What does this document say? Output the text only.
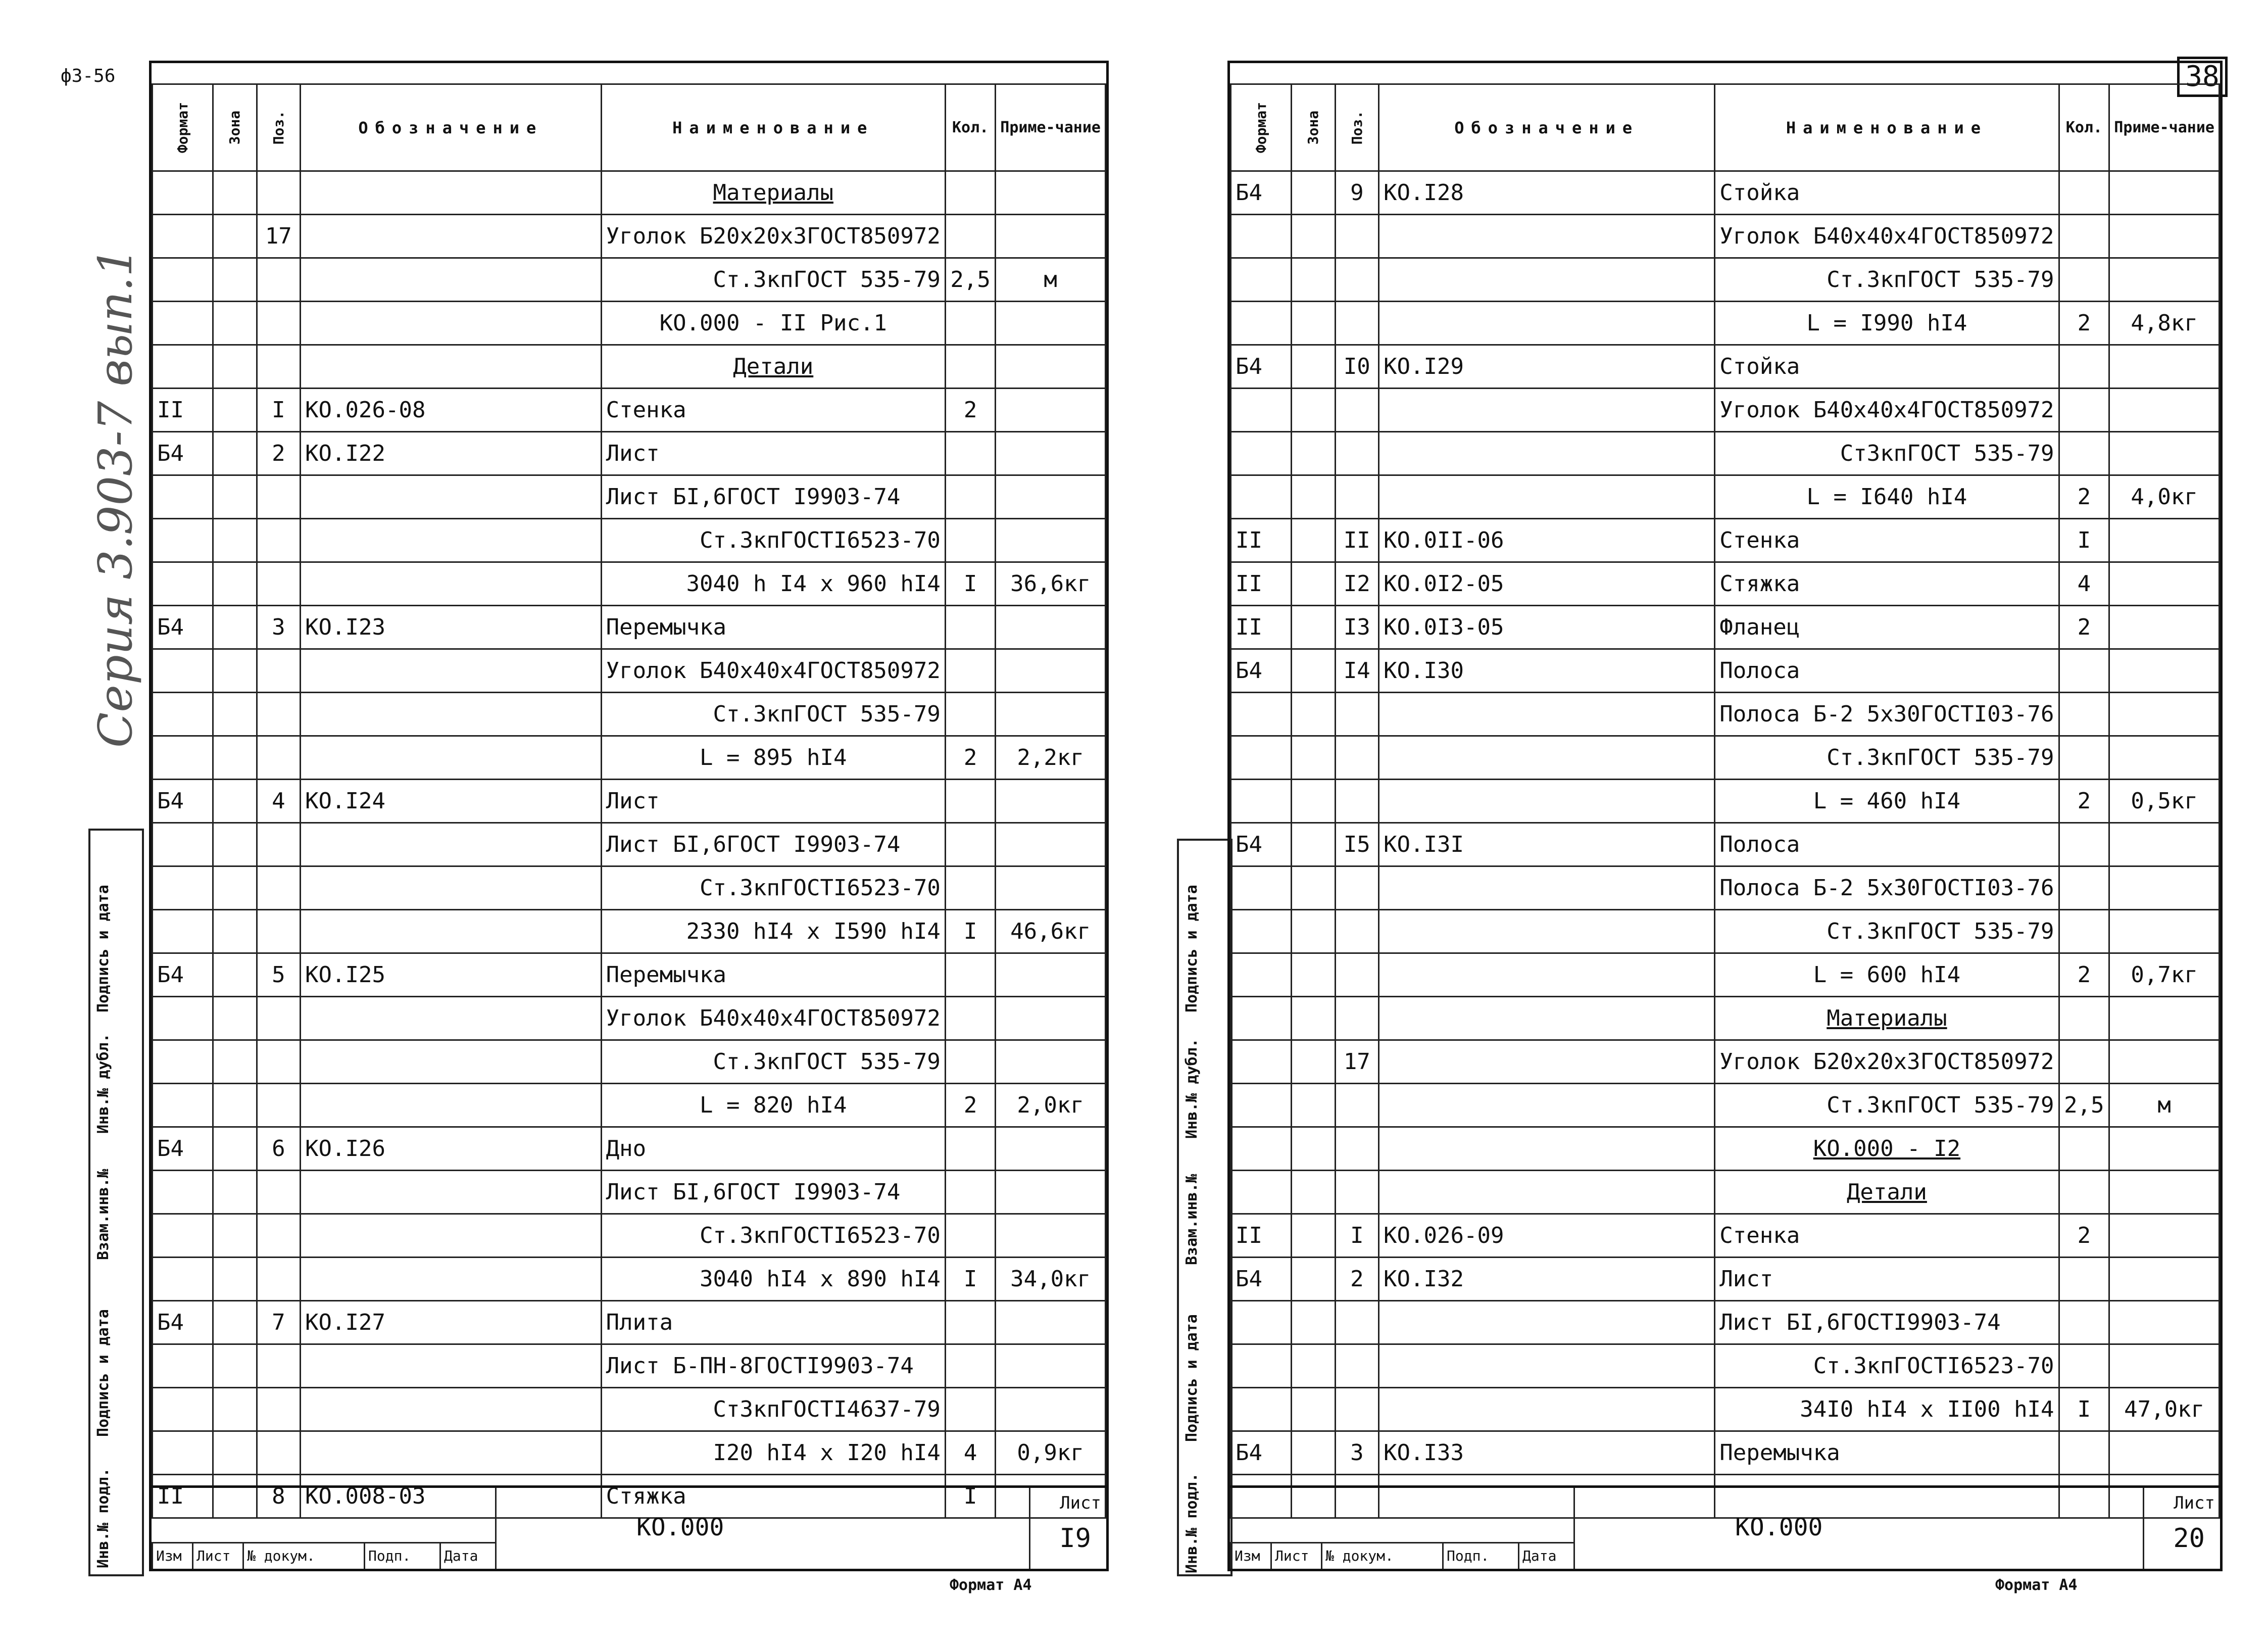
ф3-56	38
Серия 3.903-7 вып.1
Подпись и дата
Инв.№ дубл.
Взам.инв.№
Подпись и дата
Инв.№ подл.
Подпись и дата
Инв.№ дубл.
Взам.инв.№
Подпись и дата
Инв.№ подл.
Формат	Зона	Поз.	Обозначение	Наименование	Кол.	Приме-чание
				Материалы		
		17		Уголок Б20х20х3ГОСТ850972		
				Ст.3кпГОСТ 535-79	2,5	м
				КО.000 - II Рис.1		
				Детали		
II		I	КО.026-08	Стенка	2	
Б4		2	КО.I22	Лист		
				Лист БI,6ГОСТ I9903-74		
				Ст.3кпГОСТI6523-70		
				3040 h I4 x 960 hI4	I	36,6кг
Б4		3	КО.I23	Перемычка		
				Уголок Б40х40х4ГОСТ850972		
				Ст.3кпГОСТ 535-79		
				L = 895 hI4	2	2,2кг
Б4		4	КО.I24	Лист		
				Лист БI,6ГОСТ I9903-74		
				Ст.3кпГОСТI6523-70		
				2330 hI4 x I590 hI4	I	46,6кг
Б4		5	КО.I25	Перемычка		
				Уголок Б40х40х4ГОСТ850972		
				Ст.3кпГОСТ 535-79		
				L = 820 hI4	2	2,0кг
Б4		6	КО.I26	Дно		
				Лист БI,6ГОСТ I9903-74		
				Ст.3кпГОСТI6523-70		
				3040 hI4 x 890 hI4	I	34,0кг
Б4		7	КО.I27	Плита		
				Лист Б-ПН-8ГОСТI9903-74		
				Ст3кпГОСТI4637-79		
				I20 hI4 x I20 hI4	4	0,9кг
II		8	КО.008-03	Стяжка	I	
Изм	Лист	№ докум.	Подп.	Дата
КО.000
Лист
I9
Формат А4
Формат	Зона	Поз.	Обозначение	Наименование	Кол.	Приме-чание
Б4		9	КО.I28	Стойка		
				Уголок Б40х40х4ГОСТ850972		
				Ст.3кпГОСТ 535-79		
				L = I990 hI4	2	4,8кг
Б4		I0	КО.I29	Стойка		
				Уголок Б40х40х4ГОСТ850972		
				Ст3кпГОСТ 535-79		
				L = I640 hI4	2	4,0кг
II		II	КО.0II-06	Стенка	I	
II		I2	КО.0I2-05	Стяжка	4	
II		I3	КО.0I3-05	Фланец	2	
Б4		I4	КО.I30	Полоса		
				Полоса Б-2 5х30ГОСТI03-76		
				Ст.3кпГОСТ 535-79		
				L = 460 hI4	2	0,5кг
Б4		I5	КО.I3I	Полоса		
				Полоса Б-2 5х30ГОСТI03-76		
				Ст.3кпГОСТ 535-79		
				L = 600 hI4	2	0,7кг
				Материалы		
		17		Уголок Б20х20х3ГОСТ850972		
				Ст.3кпГОСТ 535-79	2,5	м
				КО.000 - I2		
				Детали		
II		I	КО.026-09	Стенка	2	
Б4		2	КО.I32	Лист		
				Лист БI,6ГОСТI9903-74		
				Ст.3кпГОСТI6523-70		
				34I0 hI4 x II00 hI4	I	47,0кг
Б4		3	КО.I33	Перемычка		

Изм	Лист	№ докум.	Подп.	Дата
КО.000
Лист
20
Формат А4
